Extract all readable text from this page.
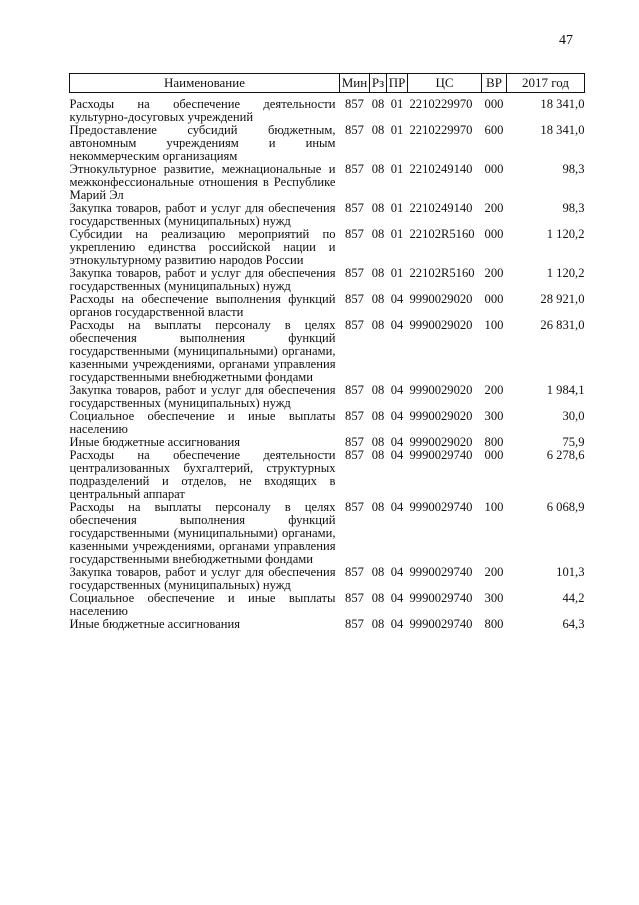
47
Наименование	Мин	Рз	ПР	ЦС	ВР	2017 год
Расходы на обеспечение деятельности культурно-досуговых учреждений	857	08	01	2210229970	000	18 341,0
Предоставление субсидий бюджетным, автономным учреждениям и иным некоммерческим организациям	857	08	01	2210229970	600	18 341,0
Этнокультурное развитие, межнациональные и межконфессиональные отношения в Республике Марий Эл	857	08	01	2210249140	000	98,3
Закупка товаров, работ и услуг для обеспечения государственных (муниципальных) нужд	857	08	01	2210249140	200	98,3
Субсидии на реализацию мероприятий по укреплению единства российской нации и этнокультурному развитию народов России	857	08	01	22102R5160	000	1 120,2
Закупка товаров, работ и услуг для обеспечения государственных (муниципальных) нужд	857	08	01	22102R5160	200	1 120,2
Расходы на обеспечение выполнения функций органов государственной власти	857	08	04	9990029020	000	28 921,0
Расходы на выплаты персоналу в целях обеспечения выполнения функций государственными (муниципальными) органами, казенными учреждениями, органами управления государственными внебюджетными фондами	857	08	04	9990029020	100	26 831,0
Закупка товаров, работ и услуг для обеспечения государственных (муниципальных) нужд	857	08	04	9990029020	200	1 984,1
Социальное обеспечение и иные выплаты населению	857	08	04	9990029020	300	30,0
Иные бюджетные ассигнования	857	08	04	9990029020	800	75,9
Расходы на обеспечение деятельности централизованных бухгалтерий, структурных подразделений и отделов, не входящих в центральный аппарат	857	08	04	9990029740	000	6 278,6
Расходы на выплаты персоналу в целях обеспечения выполнения функций государственными (муниципальными) органами, казенными учреждениями, органами управления государственными внебюджетными фондами	857	08	04	9990029740	100	6 068,9
Закупка товаров, работ и услуг для обеспечения государственных (муниципальных) нужд	857	08	04	9990029740	200	101,3
Социальное обеспечение и иные выплаты населению	857	08	04	9990029740	300	44,2
Иные бюджетные ассигнования	857	08	04	9990029740	800	64,3
